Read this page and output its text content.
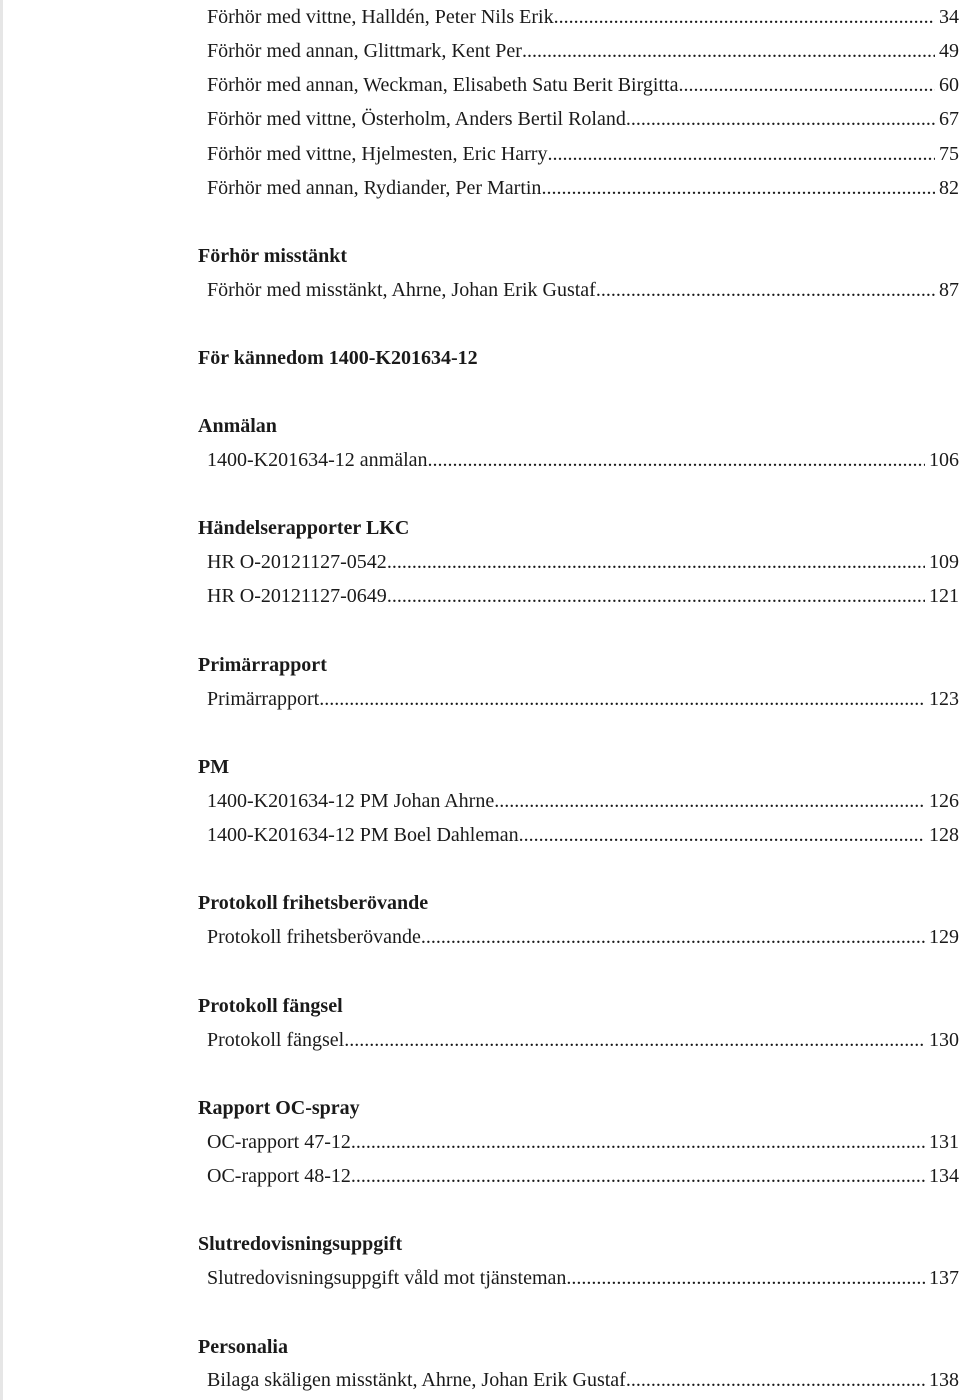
Förhör med vittne, Halldén, Peter Nils Erik .....	34
Förhör med annan, Glittmark, Kent Per .....	49
Förhör med annan, Weckman, Elisabeth Satu Berit Birgitta .....	60
Förhör med vittne, Österholm, Anders Bertil Roland .....	67
Förhör med vittne, Hjelmesten, Eric Harry .....	75
Förhör med annan, Rydiander, Per Martin .....	82
Förhör misstänkt
Förhör med misstänkt, Ahrne, Johan Erik Gustaf .....	87
För kännedom 1400-K201634-12
Anmälan
1400-K201634-12 anmälan .....	106
Händelserapporter LKC
HR O-20121127-0542 .....	109
HR O-20121127-0649 .....	121
Primärrapport
Primärrapport .....	123
PM
1400-K201634-12 PM Johan Ahrne .....	126
1400-K201634-12 PM Boel Dahleman .....	128
Protokoll frihetsberövande
Protokoll frihetsberövande .....	129
Protokoll fängsel
Protokoll fängsel .....	130
Rapport OC-spray
OC-rapport 47-12 .....	131
OC-rapport 48-12 .....	134
Slutredovisningsuppgift
Slutredovisningsuppgift våld mot tjänsteman .....	137
Personalia
Bilaga skäligen misstänkt, Ahrne, Johan Erik Gustaf .....	138
